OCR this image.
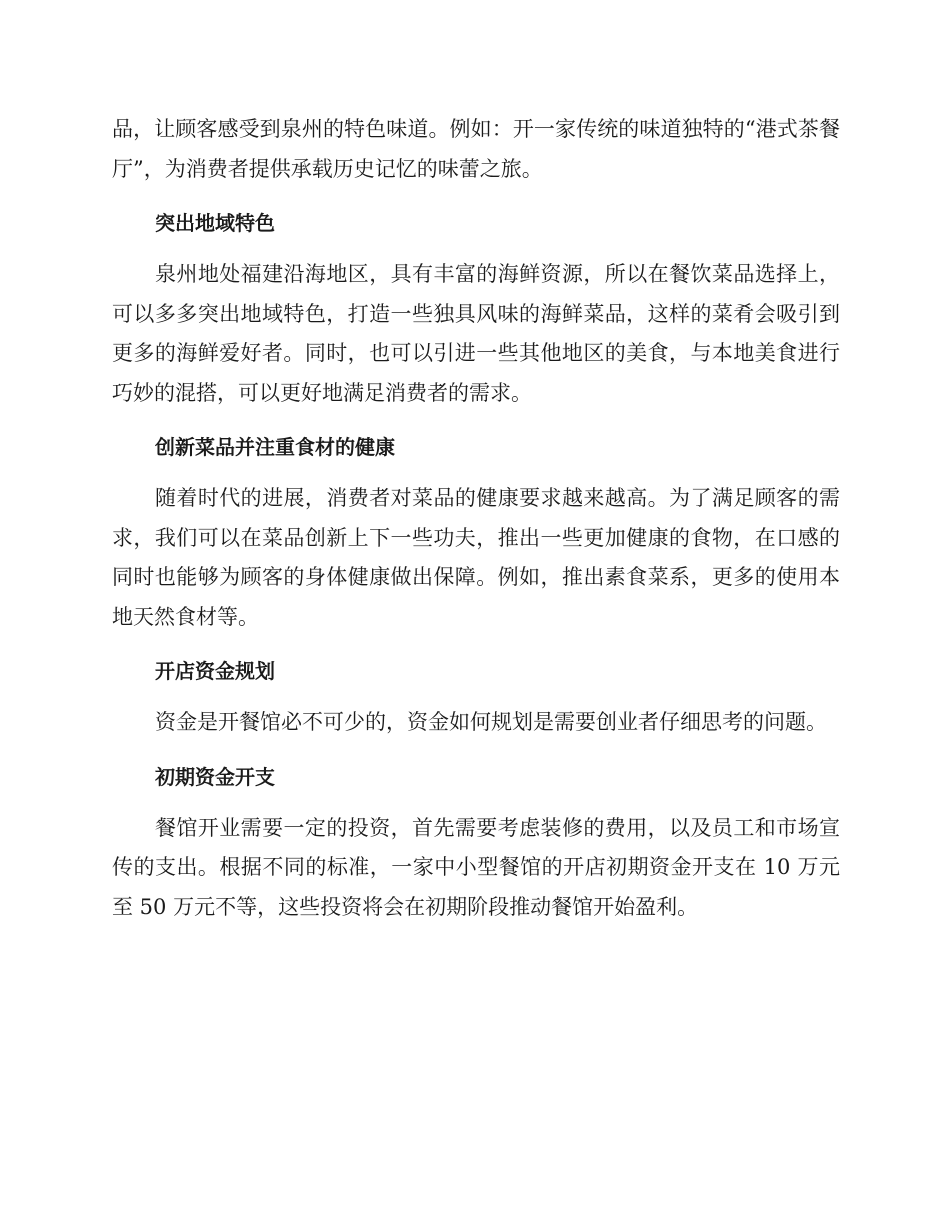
品，让顾客感受到泉州的特色味道。例如：开一家传统的味道独特的“港式茶餐厅”，为消费者提供承载历史记忆的味蕾之旅。

突出地域特色

泉州地处福建沿海地区，具有丰富的海鲜资源，所以在餐饮菜品选择上，可以多多突出地域特色，打造一些独具风味的海鲜菜品，这样的菜肴会吸引到更多的海鲜爱好者。同时，也可以引进一些其他地区的美食，与本地美食进行巧妙的混搭，可以更好地满足消费者的需求。

创新菜品并注重食材的健康

随着时代的进展，消费者对菜品的健康要求越来越高。为了满足顾客的需求，我们可以在菜品创新上下一些功夫，推出一些更加健康的食物，在口感的同时也能够为顾客的身体健康做出保障。例如，推出素食菜系，更多的使用本地天然食材等。

开店资金规划

资金是开餐馆必不可少的，资金如何规划是需要创业者仔细思考的问题。

初期资金开支

餐馆开业需要一定的投资，首先需要考虑装修的费用，以及员工和市场宣传的支出。根据不同的标准，一家中小型餐馆的开店初期资金开支在 10 万元至 50 万元不等，这些投资将会在初期阶段推动餐馆开始盈利。
